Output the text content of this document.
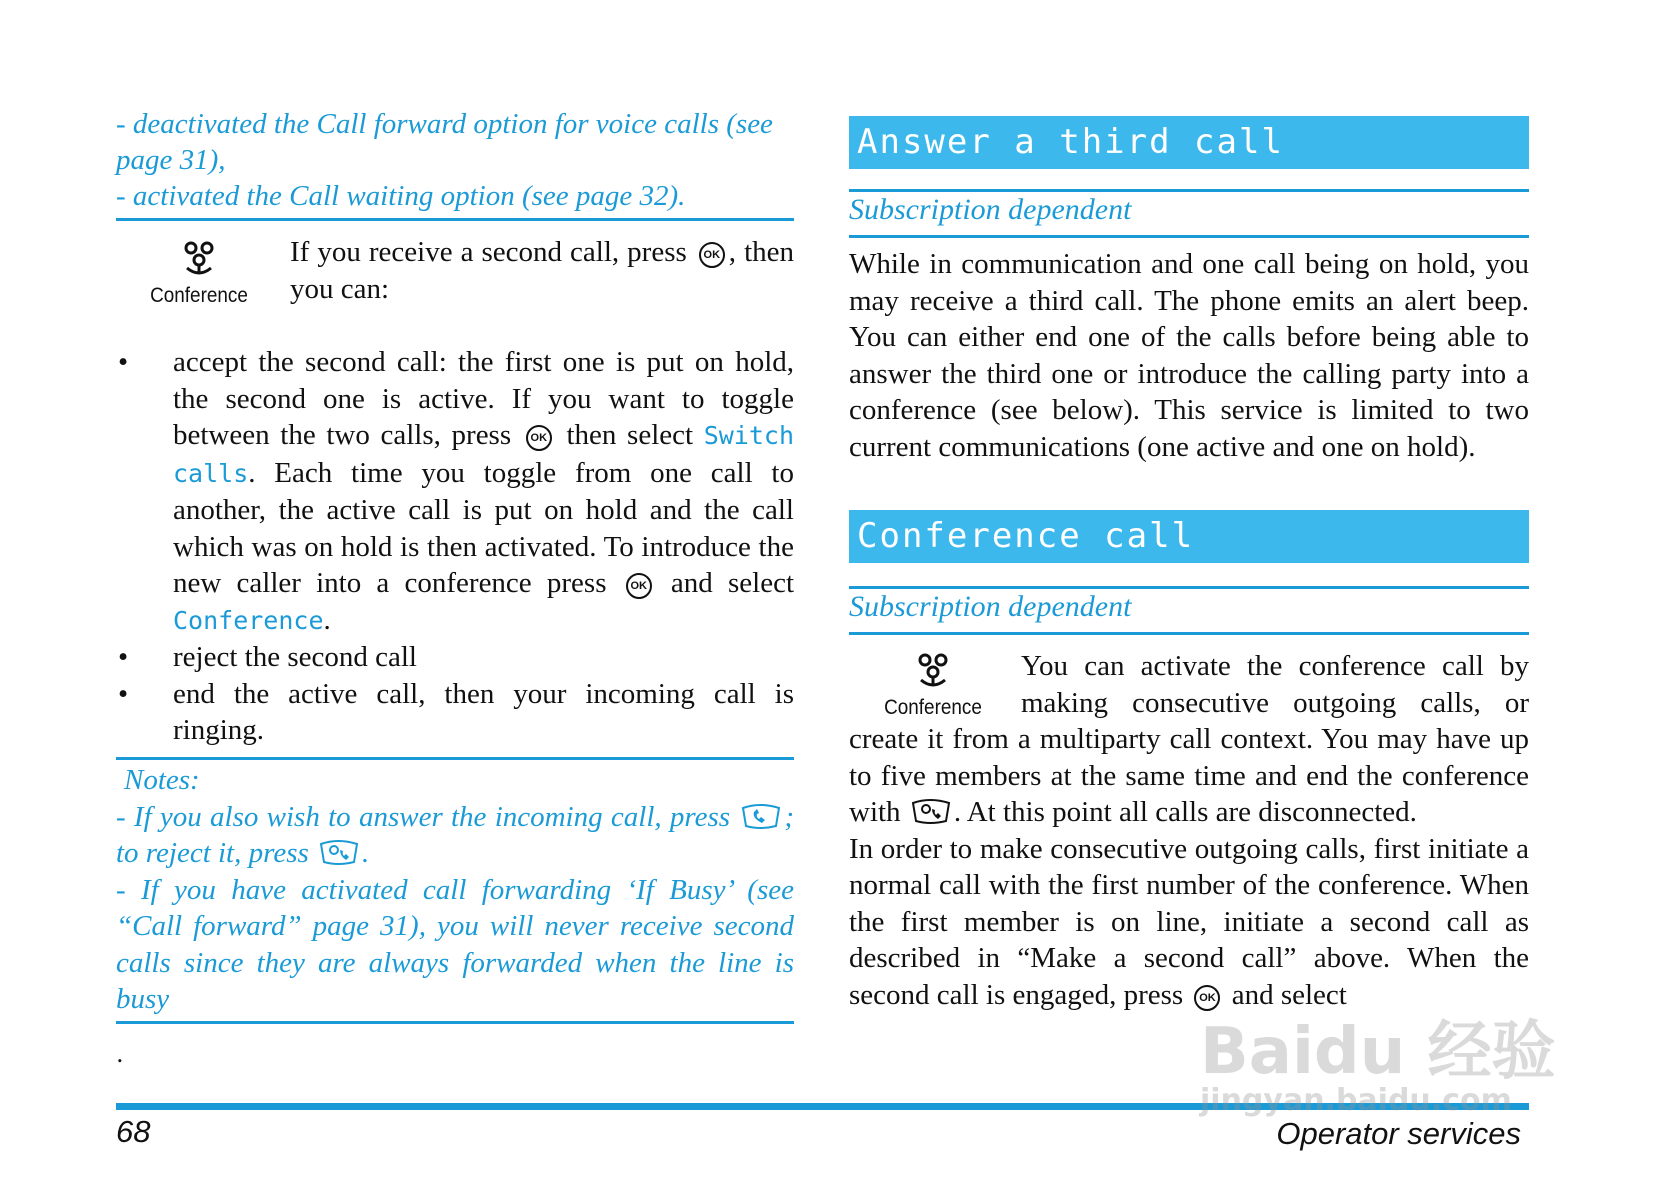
- deactivated the Call forward option for voice calls (see page 31),
- activated the Call waiting option (see page 32).
Conference
If you receive a second call, press OK , then you can:
• accept the second call: the first one is put on hold, the second one is active. If you want to toggle between the two calls, press OK then select Switch calls. Each time you toggle from one call to another, the active call is put on hold and the call which was on hold is then activated. To introduce the new caller into a conference press OK and select Conference.
• reject the second call
• end the active call, then your incoming call is ringing.
Notes:
- If you also wish to answer the incoming call, press ; to reject it, press .
- If you have activated call forwarding ‘If Busy’ (see “Call forward” page 31), you will never receive second calls since they are always forwarded when the line is busy
.
Answer a third call
Subscription dependent
While in communication and one call being on hold, you may receive a third call. The phone emits an alert beep. You can either end one of the calls before being able to answer the third one or introduce the calling party into a conference (see below). This service is limited to two current communications (one active and one on hold).
Conference call
Subscription dependent
Conference
You can activate the conference call by making consecutive outgoing calls, or create it from a multiparty call context. You may have up to five members at the same time and end the conference with . At this point all calls are disconnected.
In order to make consecutive outgoing calls, first initiate a normal call with the first number of the conference. When the first member is on line, initiate a second call as described in “Make a second call” above. When the second call is engaged, press OK and select
68	Operator services
Baidu 经验
jingyan.baidu.com
